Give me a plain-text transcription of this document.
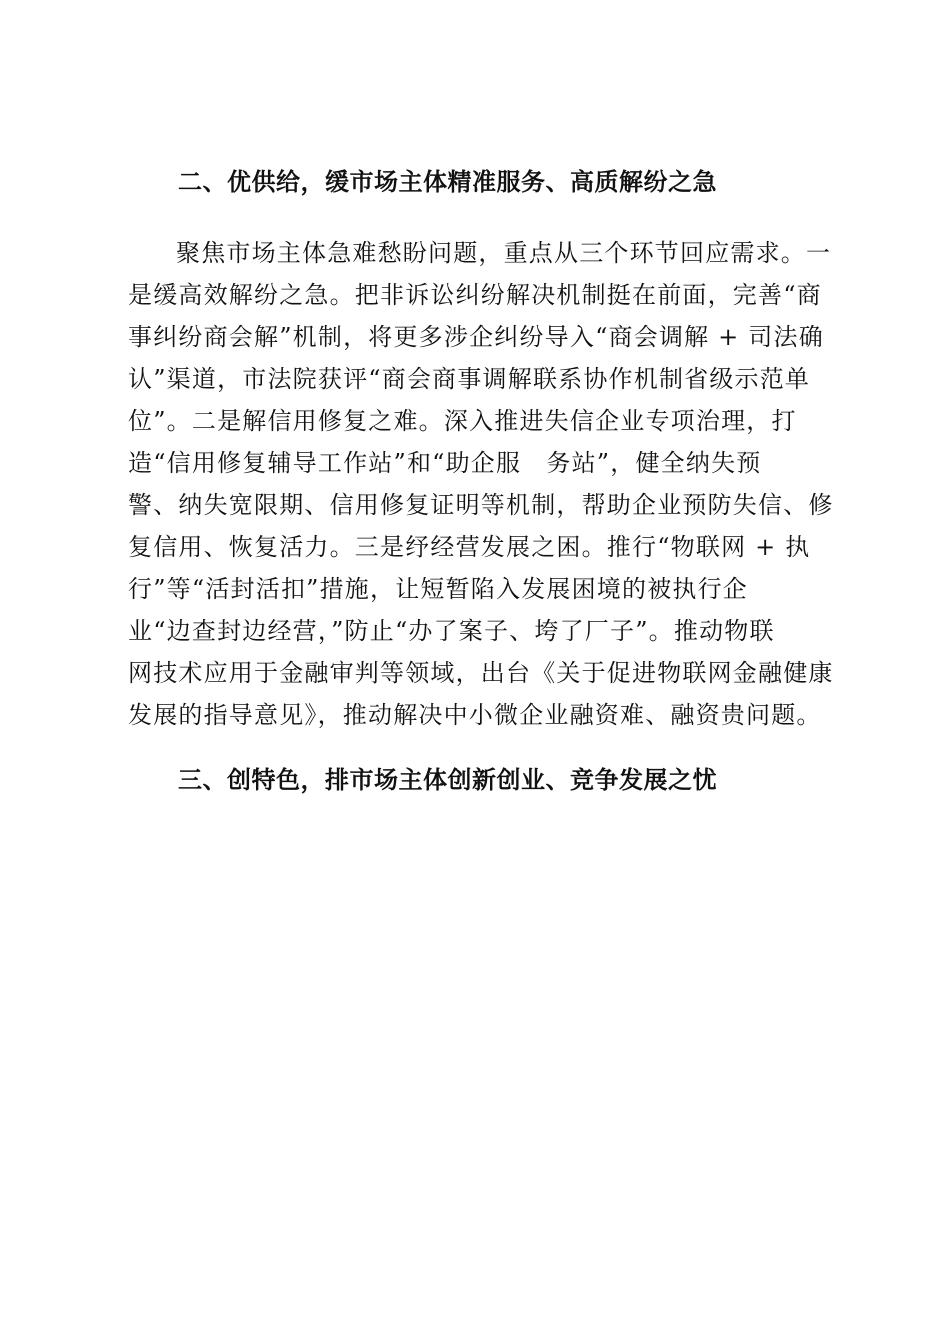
二、优供给，缓市场主体精准服务、高质解纷之急
聚焦市场主体急难愁盼问题，重点从三个环节回应需求。一
是缓高效解纷之急。把非诉讼纠纷解决机制挺在前面，完善“商
事纠纷商会解”机制，将更多涉企纠纷导入“商会调解 + 司法确
认”渠道，市法院获评“商会商事调解联系协作机制省级示范单
位”。二是解信用修复之难。深入推进失信企业专项治理，打
造“信用修复辅导工作站”和“助企服　务站”，健全纳失预
警、纳失宽限期、信用修复证明等机制，帮助企业预防失信、修
复信用、恢复活力。三是纾经营发展之困。推行“物联网 + 执
行”等“活封活扣”措施，让短暂陷入发展困境的被执行企
业“边查封边经营，”防止“办了案子、垮了厂子”。推动物联
网技术应用于金融审判等领域，出台《关于促进物联网金融健康
发展的指导意见》，推动解决中小微企业融资难、融资贵问题。
三、创特色，排市场主体创新创业、竞争发展之忧
